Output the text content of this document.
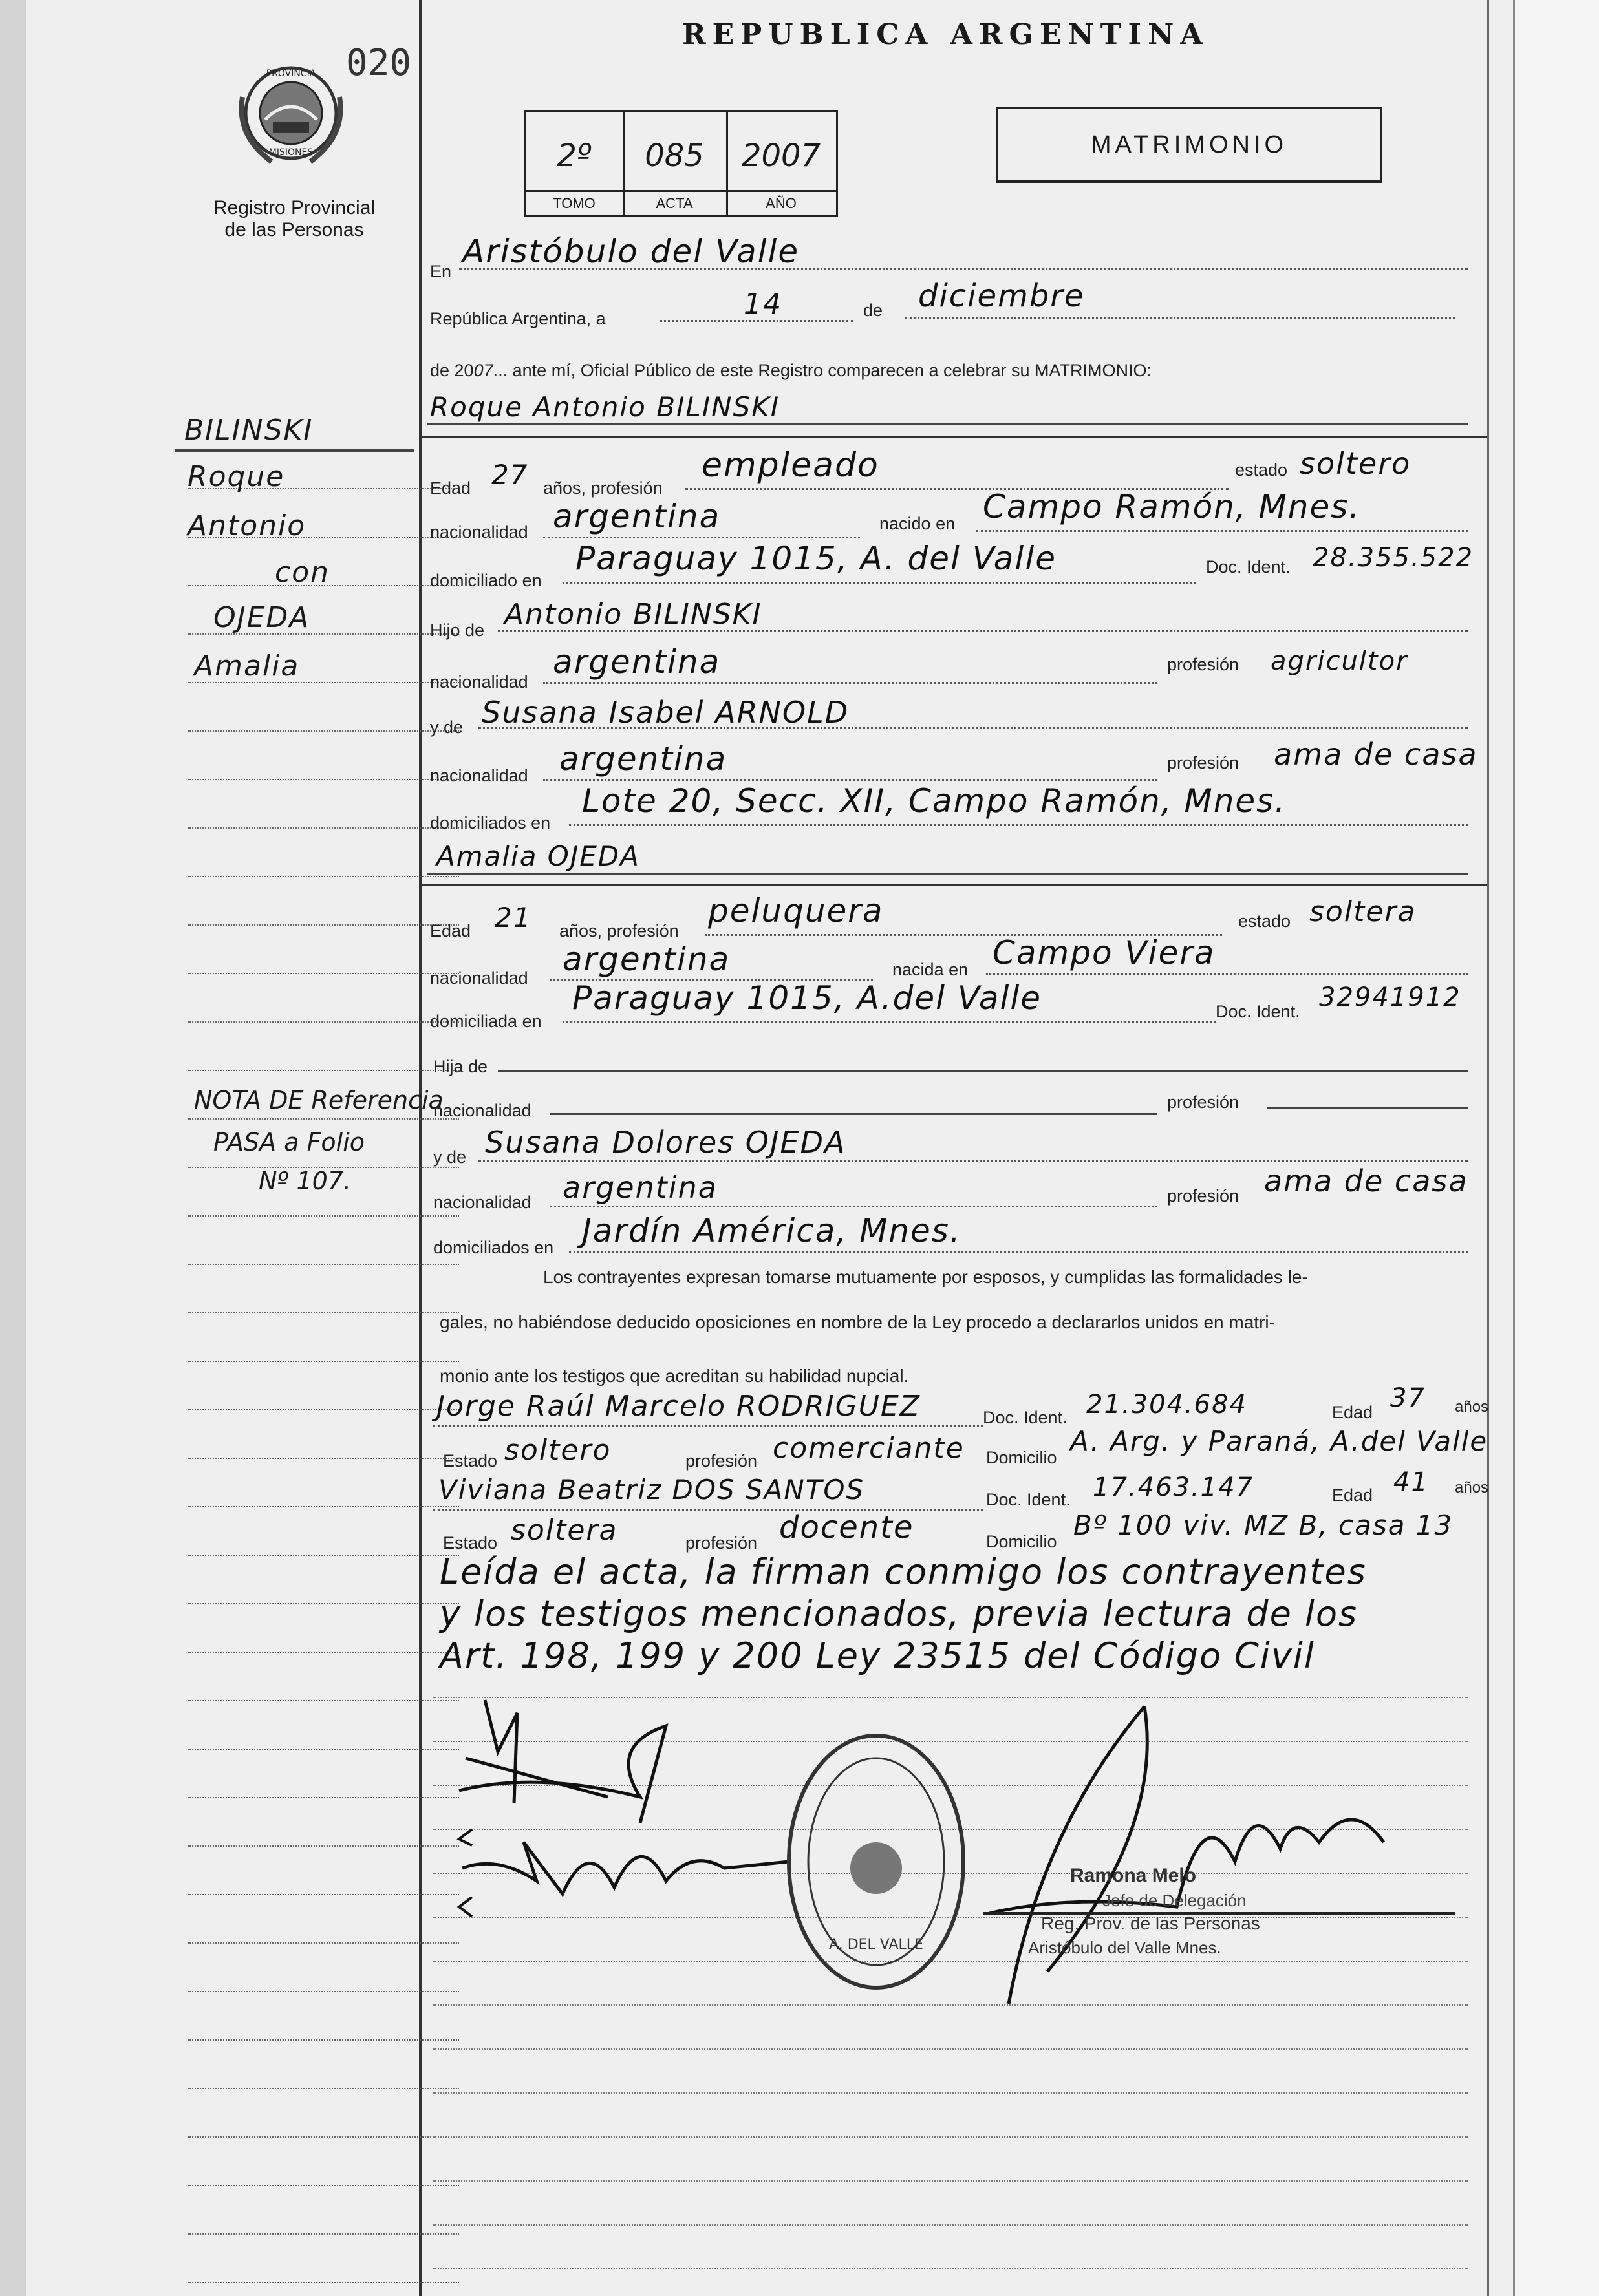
020
PROVINCIA
MISIONES
Registro Provincial
de las Personas
BILINSKI
Roque
Antonio
con
OJEDA
Amalia
NOTA DE Referencia
PASA a Folio
Nº 107.
REPUBLICA ARGENTINA
MATRIMONIO
2º
TOMO
085
ACTA
2007
AÑO
En
Aristóbulo del Valle
República Argentina, a	14	de diciembre
de 2007... ante mí, Oficial Público de este Registro comparecen a celebrar su MATRIMONIO:
Roque Antonio BILINSKI
Edad 27 años, profesión
empleado	estado soltero
nacionalidad argentina	nacido en Campo Ramón, Mnes.
domiciliado en
Paraguay 1015, A. del Valle	Doc. Ident. 28.355.522
Hijo de Antonio BILINSKI
nacionalidad
argentina	profesión agricultor
y de Susana Isabel ARNOLD
nacionalidad argentina	profesión ama de casa
domiciliados en
Lote 20, Secc. XII, Campo Ramón, Mnes.
Amalia OJEDA
Edad 21 años, profesión
peluquera	estado soltera
nacionalidad argentina	nacida en Campo Viera
domiciliada en
Paraguay 1015, A.del Valle	Doc. Ident. 32941912
Hija de
nacionalidad	profesión
y de Susana Dolores OJEDA
nacionalidad argentina	profesión ama de casa
domiciliados en Jardín América, Mnes.
Los contrayentes expresan tomarse mutuamente por esposos, y cumplidas las formalidades le-
gales, no habiéndose deducido oposiciones en nombre de la Ley procedo a declararlos unidos en matri-
monio ante los testigos que acreditan su habilidad nupcial.
Jorge Raúl Marcelo RODRIGUEZ	Doc. Ident. 21.304.684	Edad 37 años
Estado soltero	profesión comerciante Domicilio
A. Arg. y Paraná, A.del Valle
Viviana Beatriz DOS SANTOS	Doc. Ident. 17.463.147	Edad 41 años
Estado soltera	profesión docente	Domicilio
Bº 100 viv. MZ B, casa 13
Leída el acta, la firman conmigo los contrayentes
y los testigos mencionados, previa lectura de los
Art. 198, 199 y 200 Ley 23515 del Código Civil
A. DEL VALLE
Ramona Melo
Jefe de Delegación
Reg. Prov. de las Personas
Aristóbulo del Valle Mnes.
